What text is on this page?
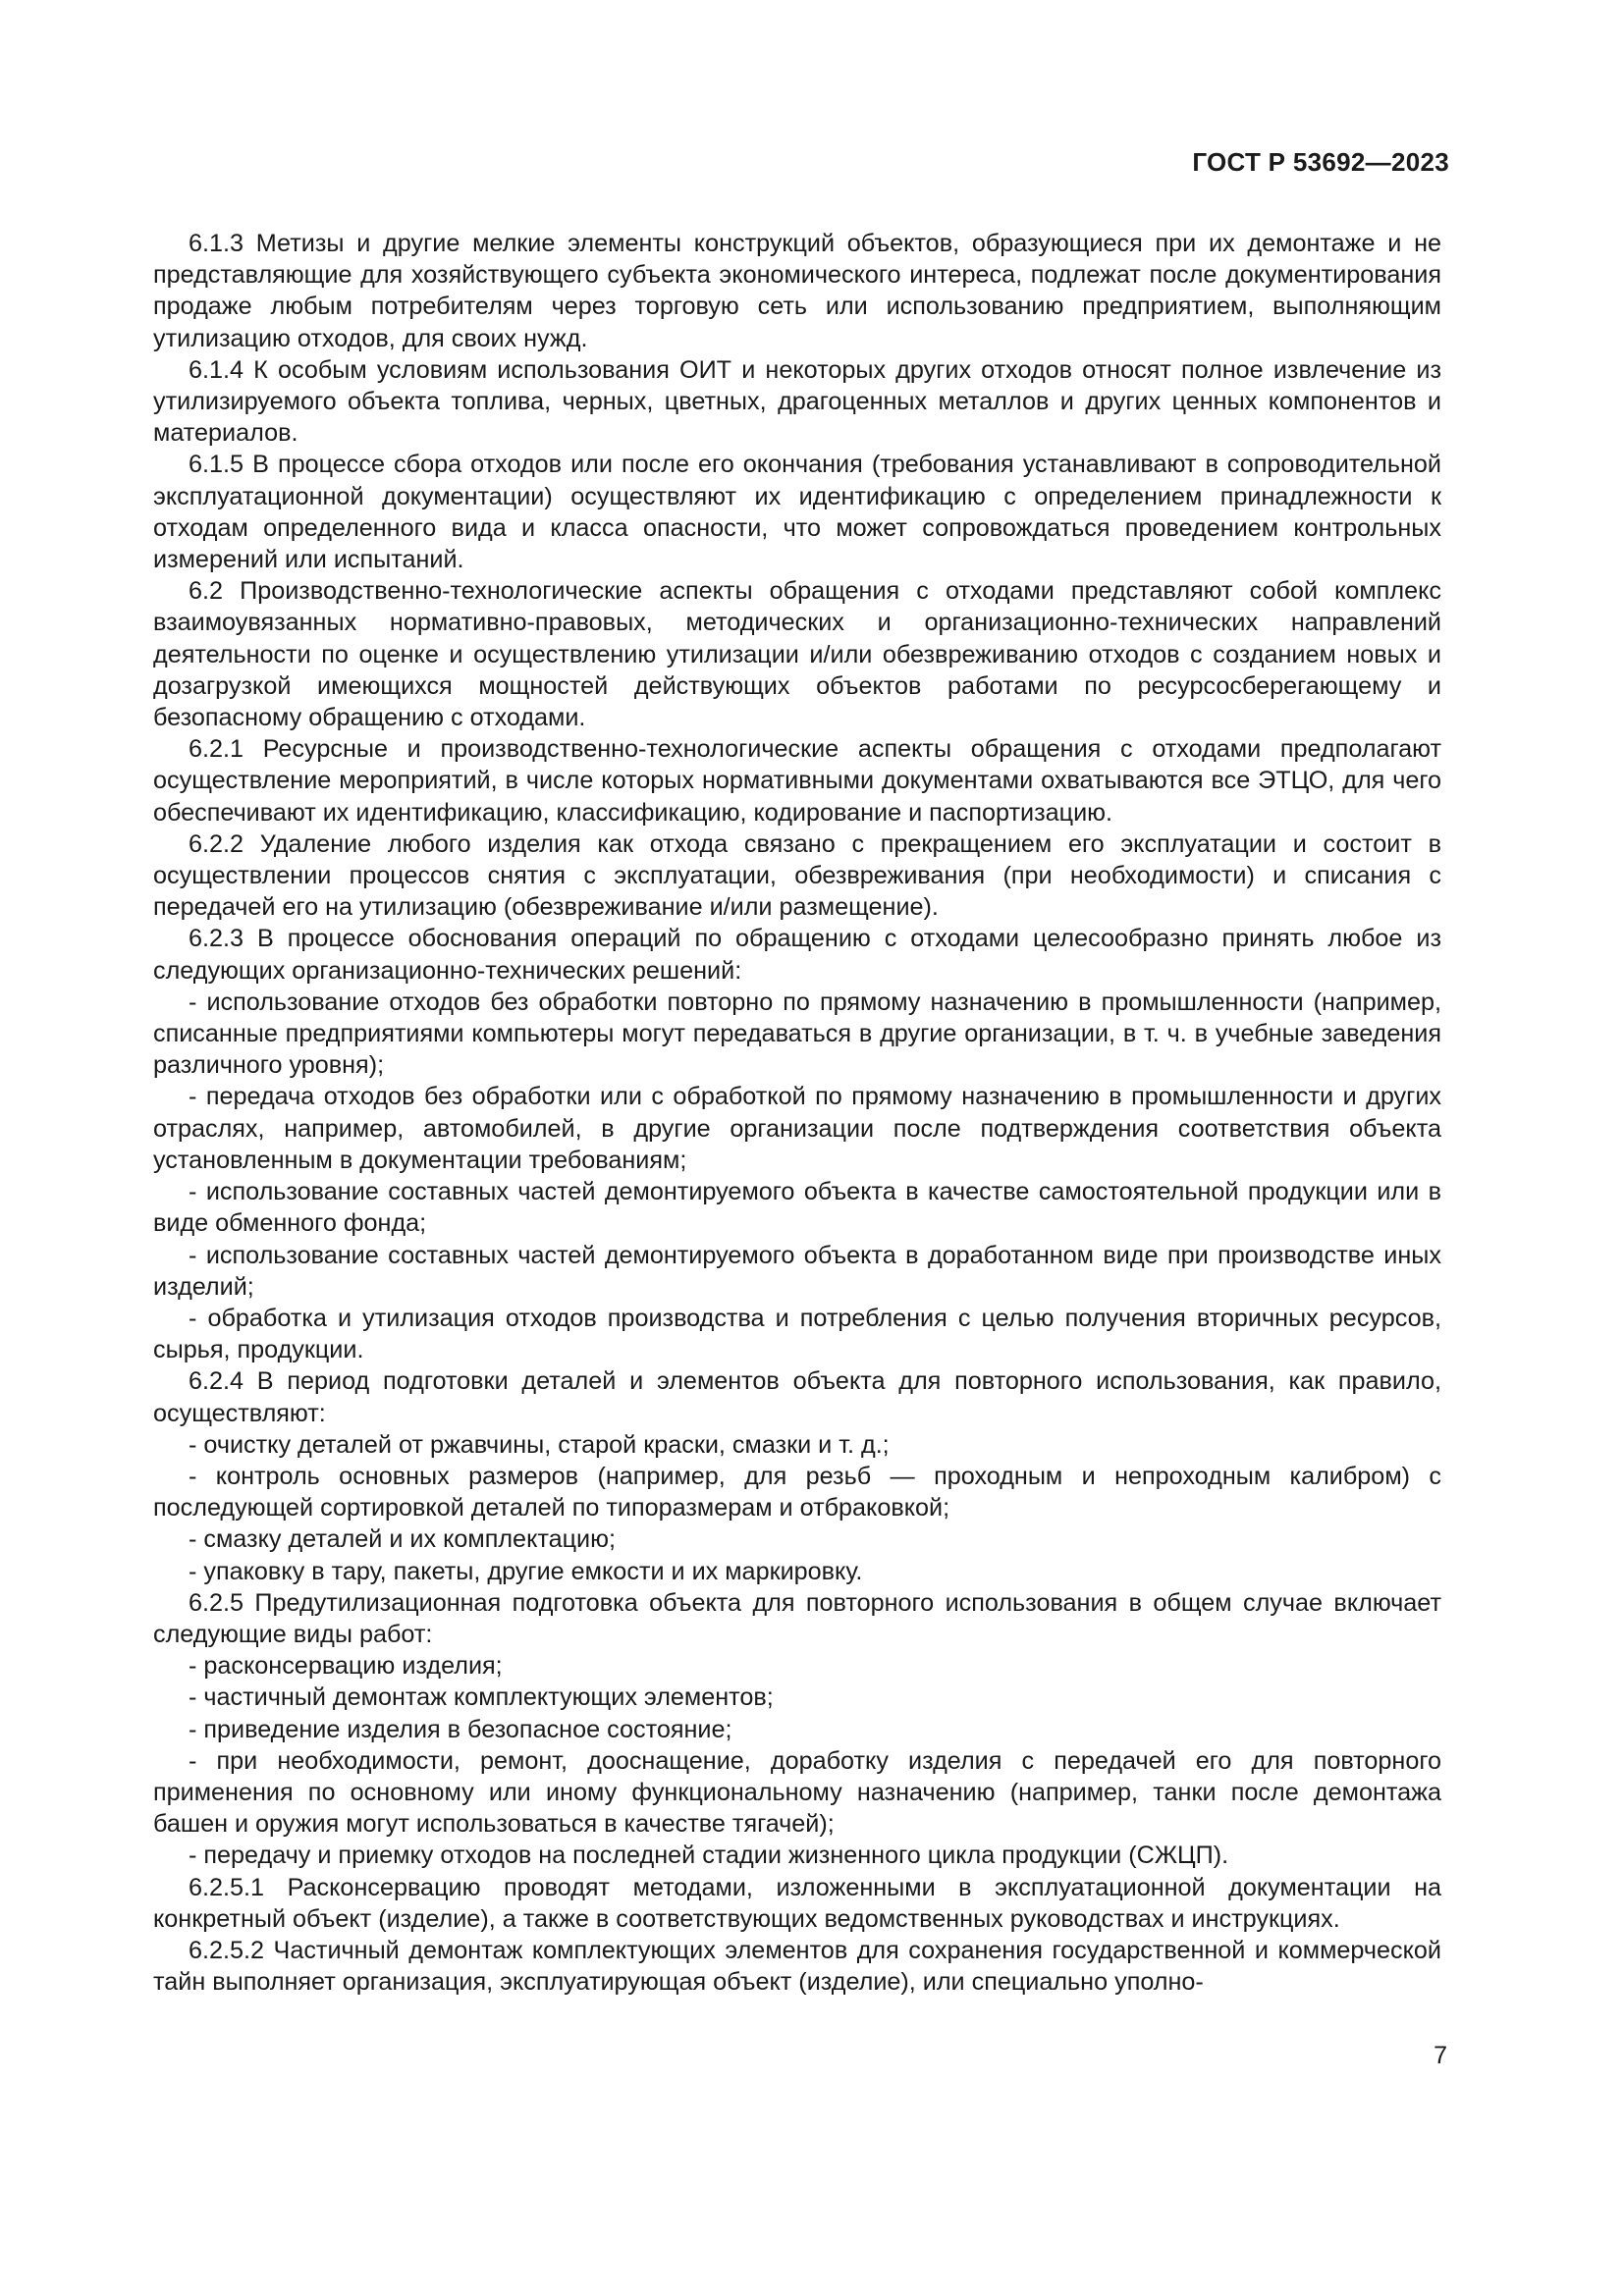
ГОСТ Р 53692—2023

6.1.3 Метизы и другие мелкие элементы конструкций объектов, образующиеся при их демонтаже и не представляющие для хозяйствующего субъекта экономического интереса, подлежат после документирования продаже любым потребителям через торговую сеть или использованию предприятием, выполняющим утилизацию отходов, для своих нужд.

6.1.4 К особым условиям использования ОИТ и некоторых других отходов относят полное извлечение из утилизируемого объекта топлива, черных, цветных, драгоценных металлов и других ценных компонентов и материалов.

6.1.5 В процессе сбора отходов или после его окончания (требования устанавливают в сопроводительной эксплуатационной документации) осуществляют их идентификацию с определением принадлежности к отходам определенного вида и класса опасности, что может сопровождаться проведением контрольных измерений или испытаний.

6.2 Производственно-технологические аспекты обращения с отходами представляют собой комплекс взаимоувязанных нормативно-правовых, методических и организационно-технических направлений деятельности по оценке и осуществлению утилизации и/или обезвреживанию отходов с созданием новых и дозагрузкой имеющихся мощностей действующих объектов работами по ресурсосберегающему и безопасному обращению с отходами.

6.2.1 Ресурсные и производственно-технологические аспекты обращения с отходами предполагают осуществление мероприятий, в числе которых нормативными документами охватываются все ЭТЦО, для чего обеспечивают их идентификацию, классификацию, кодирование и паспортизацию.

6.2.2 Удаление любого изделия как отхода связано с прекращением его эксплуатации и состоит в осуществлении процессов снятия с эксплуатации, обезвреживания (при необходимости) и списания с передачей его на утилизацию (обезвреживание и/или размещение).

6.2.3 В процессе обоснования операций по обращению с отходами целесообразно принять любое из следующих организационно-технических решений:

- использование отходов без обработки повторно по прямому назначению в промышленности (например, списанные предприятиями компьютеры могут передаваться в другие организации, в т. ч. в учебные заведения различного уровня);

- передача отходов без обработки или с обработкой по прямому назначению в промышленности и других отраслях, например, автомобилей, в другие организации после подтверждения соответствия объекта установленным в документации требованиям;

- использование составных частей демонтируемого объекта в качестве самостоятельной продукции или в виде обменного фонда;

- использование составных частей демонтируемого объекта в доработанном виде при производстве иных изделий;

- обработка и утилизация отходов производства и потребления с целью получения вторичных ресурсов, сырья, продукции.

6.2.4 В период подготовки деталей и элементов объекта для повторного использования, как правило, осуществляют:

- очистку деталей от ржавчины, старой краски, смазки и т. д.;

- контроль основных размеров (например, для резьб — проходным и непроходным калибром) с последующей сортировкой деталей по типоразмерам и отбраковкой;

- смазку деталей и их комплектацию;

- упаковку в тару, пакеты, другие емкости и их маркировку.

6.2.5 Предутилизационная подготовка объекта для повторного использования в общем случае включает следующие виды работ:

- расконсервацию изделия;

- частичный демонтаж комплектующих элементов;

- приведение изделия в безопасное состояние;

- при необходимости, ремонт, дооснащение, доработку изделия с передачей его для повторного применения по основному или иному функциональному назначению (например, танки после демонтажа башен и оружия могут использоваться в качестве тягачей);

- передачу и приемку отходов на последней стадии жизненного цикла продукции (СЖЦП).

6.2.5.1 Расконсервацию проводят методами, изложенными в эксплуатационной документации на конкретный объект (изделие), а также в соответствующих ведомственных руководствах и инструкциях.

6.2.5.2 Частичный демонтаж комплектующих элементов для сохранения государственной и коммерческой тайн выполняет организация, эксплуатирующая объект (изделие), или специально уполно-

7
